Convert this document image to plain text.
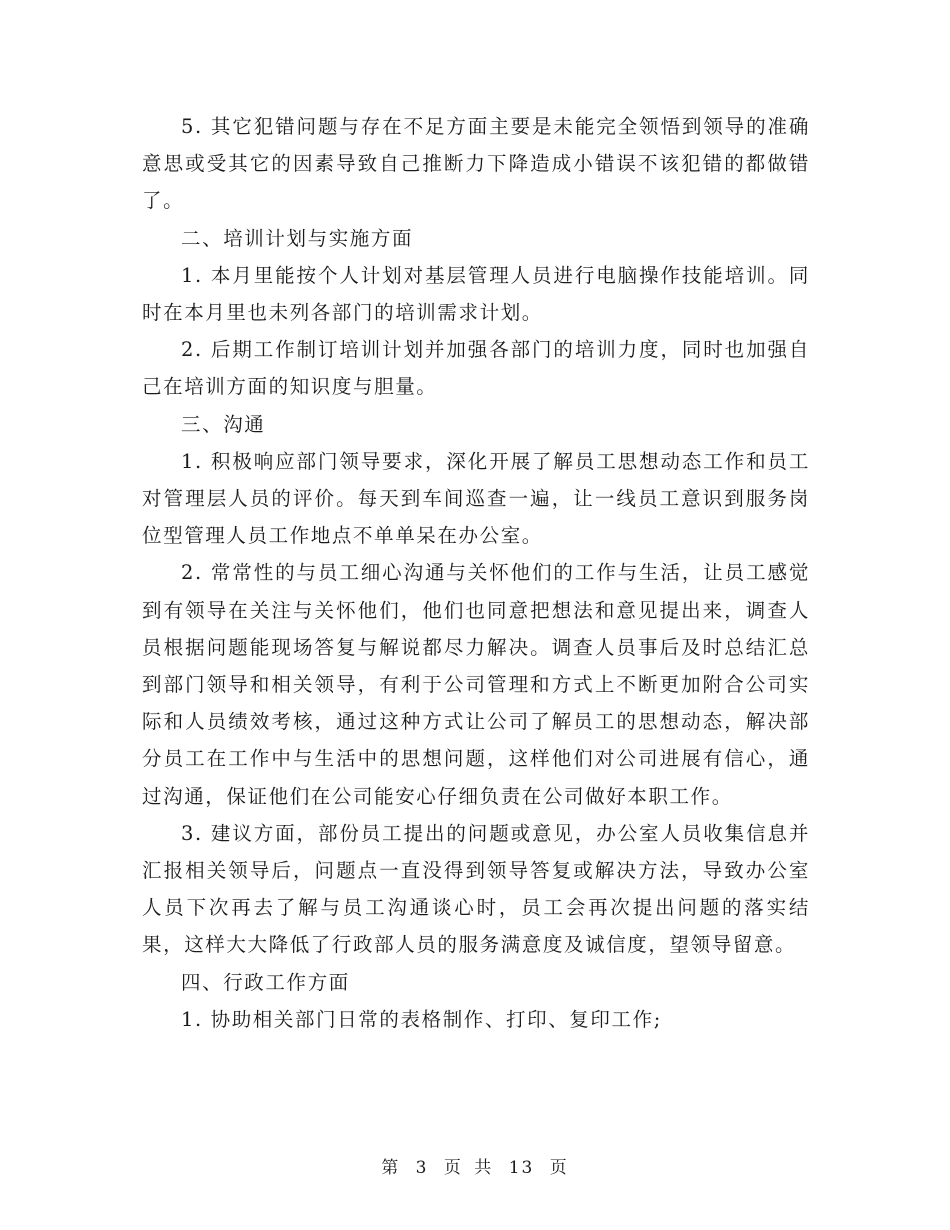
5. 其它犯错问题与存在不足方面主要是未能完全领悟到领导的准确意思或受其它的因素导致自己推断力下降造成小错误不该犯错的都做错了。

二、培训计划与实施方面

1. 本月里能按个人计划对基层管理人员进行电脑操作技能培训。同时在本月里也未列各部门的培训需求计划。

2. 后期工作制订培训计划并加强各部门的培训力度，同时也加强自己在培训方面的知识度与胆量。

三、沟通

1. 积极响应部门领导要求，深化开展了解员工思想动态工作和员工对管理层人员的评价。每天到车间巡查一遍，让一线员工意识到服务岗位型管理人员工作地点不单单呆在办公室。

2. 常常性的与员工细心沟通与关怀他们的工作与生活，让员工感觉到有领导在关注与关怀他们，他们也同意把想法和意见提出来，调查人员根据问题能现场答复与解说都尽力解决。调查人员事后及时总结汇总到部门领导和相关领导，有利于公司管理和方式上不断更加附合公司实际和人员绩效考核，通过这种方式让公司了解员工的思想动态，解决部分员工在工作中与生活中的思想问题，这样他们对公司进展有信心，通过沟通，保证他们在公司能安心仔细负责在公司做好本职工作。

3. 建议方面，部份员工提出的问题或意见，办公室人员收集信息并汇报相关领导后，问题点一直没得到领导答复或解决方法，导致办公室人员下次再去了解与员工沟通谈心时，员工会再次提出问题的落实结果，这样大大降低了行政部人员的服务满意度及诚信度，望领导留意。

四、行政工作方面

1. 协助相关部门日常的表格制作、打印、复印工作;

第 3 页 共 13 页
